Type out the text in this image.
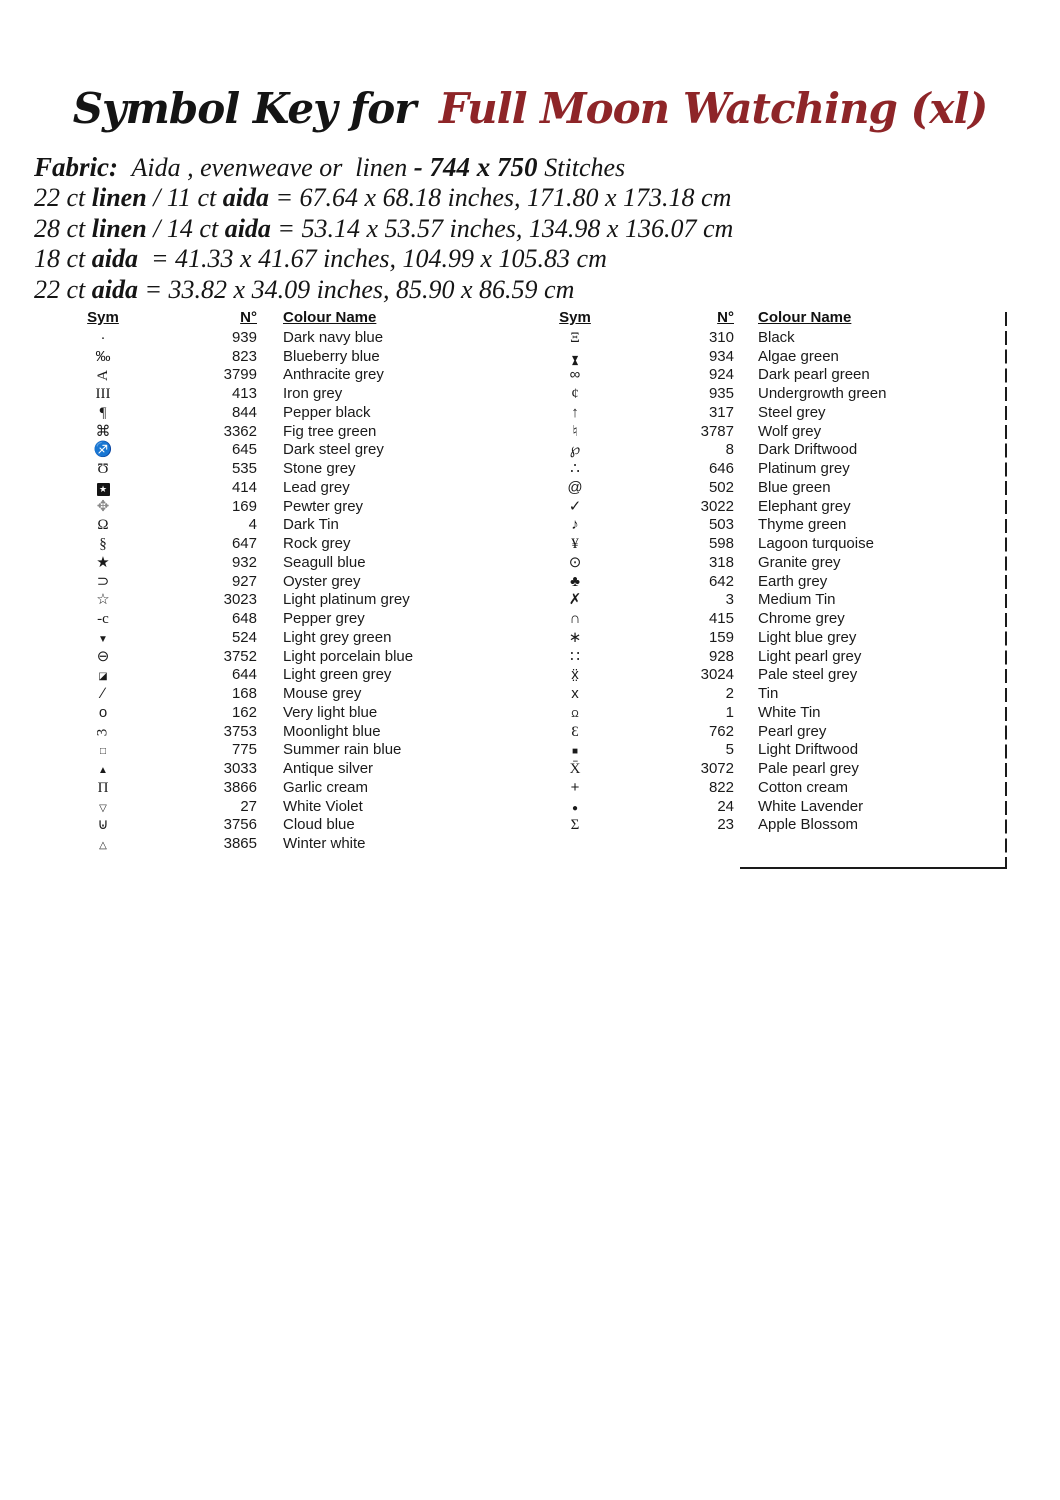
Symbol Key for Full Moon Watching (xl)
Fabric:  Aida , evenweave or  linen - 744 x 750 Stitches
22 ct linen / 11 ct aida = 67.64 x 68.18 inches, 171.80 x 173.18 cm
28 ct linen / 14 ct aida = 53.14 x 53.57 inches, 134.98 x 136.07 cm
18 ct aida  = 41.33 x 41.67 inches, 104.99 x 105.83 cm
22 ct aida = 33.82 x 34.09 inches, 85.90 x 86.59 cm
Sym	N° Colour Name
·	939 Dark navy blue
‰	823 Blueberry blue
A	3799 Anthracite grey
III	413 Iron grey
¶	844 Pepper black
⌘	3362 Fig tree green
♐	645 Dark steel grey
Ʊ	535 Stone grey
★	414 Lead grey
✥	169 Pewter grey
Ω	4 Dark Tin
§	647 Rock grey
★	932 Seagull blue
⊃	927 Oyster grey
☆	3023 Light platinum grey
-c	648 Pepper grey
▼	524 Light grey green
⊖	3752 Light porcelain blue
◪	644 Light green grey
∕	168 Mouse grey
o	162 Very light blue
3	3753 Moonlight blue
□	775 Summer rain blue
▲	3033 Antique silver
Π	3866 Garlic cream
▽	27 White Violet
⊍	3756 Cloud blue
△	3865 Winter white
Sym	N° Colour Name
Ξ	310 Black
▶◀	934 Algae green
∞	924 Dark pearl green
¢	935 Undergrowth green
↑	317 Steel grey
♮	3787 Wolf grey
℘	8 Dark Driftwood
∴	646 Platinum grey
@	502 Blue green
✓	3022 Elephant grey
♪	503 Thyme green
¥	598 Lagoon turquoise
⊙	318 Granite grey
♣	642 Earth grey
✗	3 Medium Tin
∩	415 Chrome grey
∗	159 Light blue grey
∷	928 Light pearl grey
ẍ̤	3024 Pale steel grey
x	2 Tin
Ω	1 White Tin
Ɛ	762 Pearl grey
■	5 Light Driftwood
X̄	3072 Pale pearl grey
+	822 Cotton cream
●	24 White Lavender
Σ	23 Apple Blossom
